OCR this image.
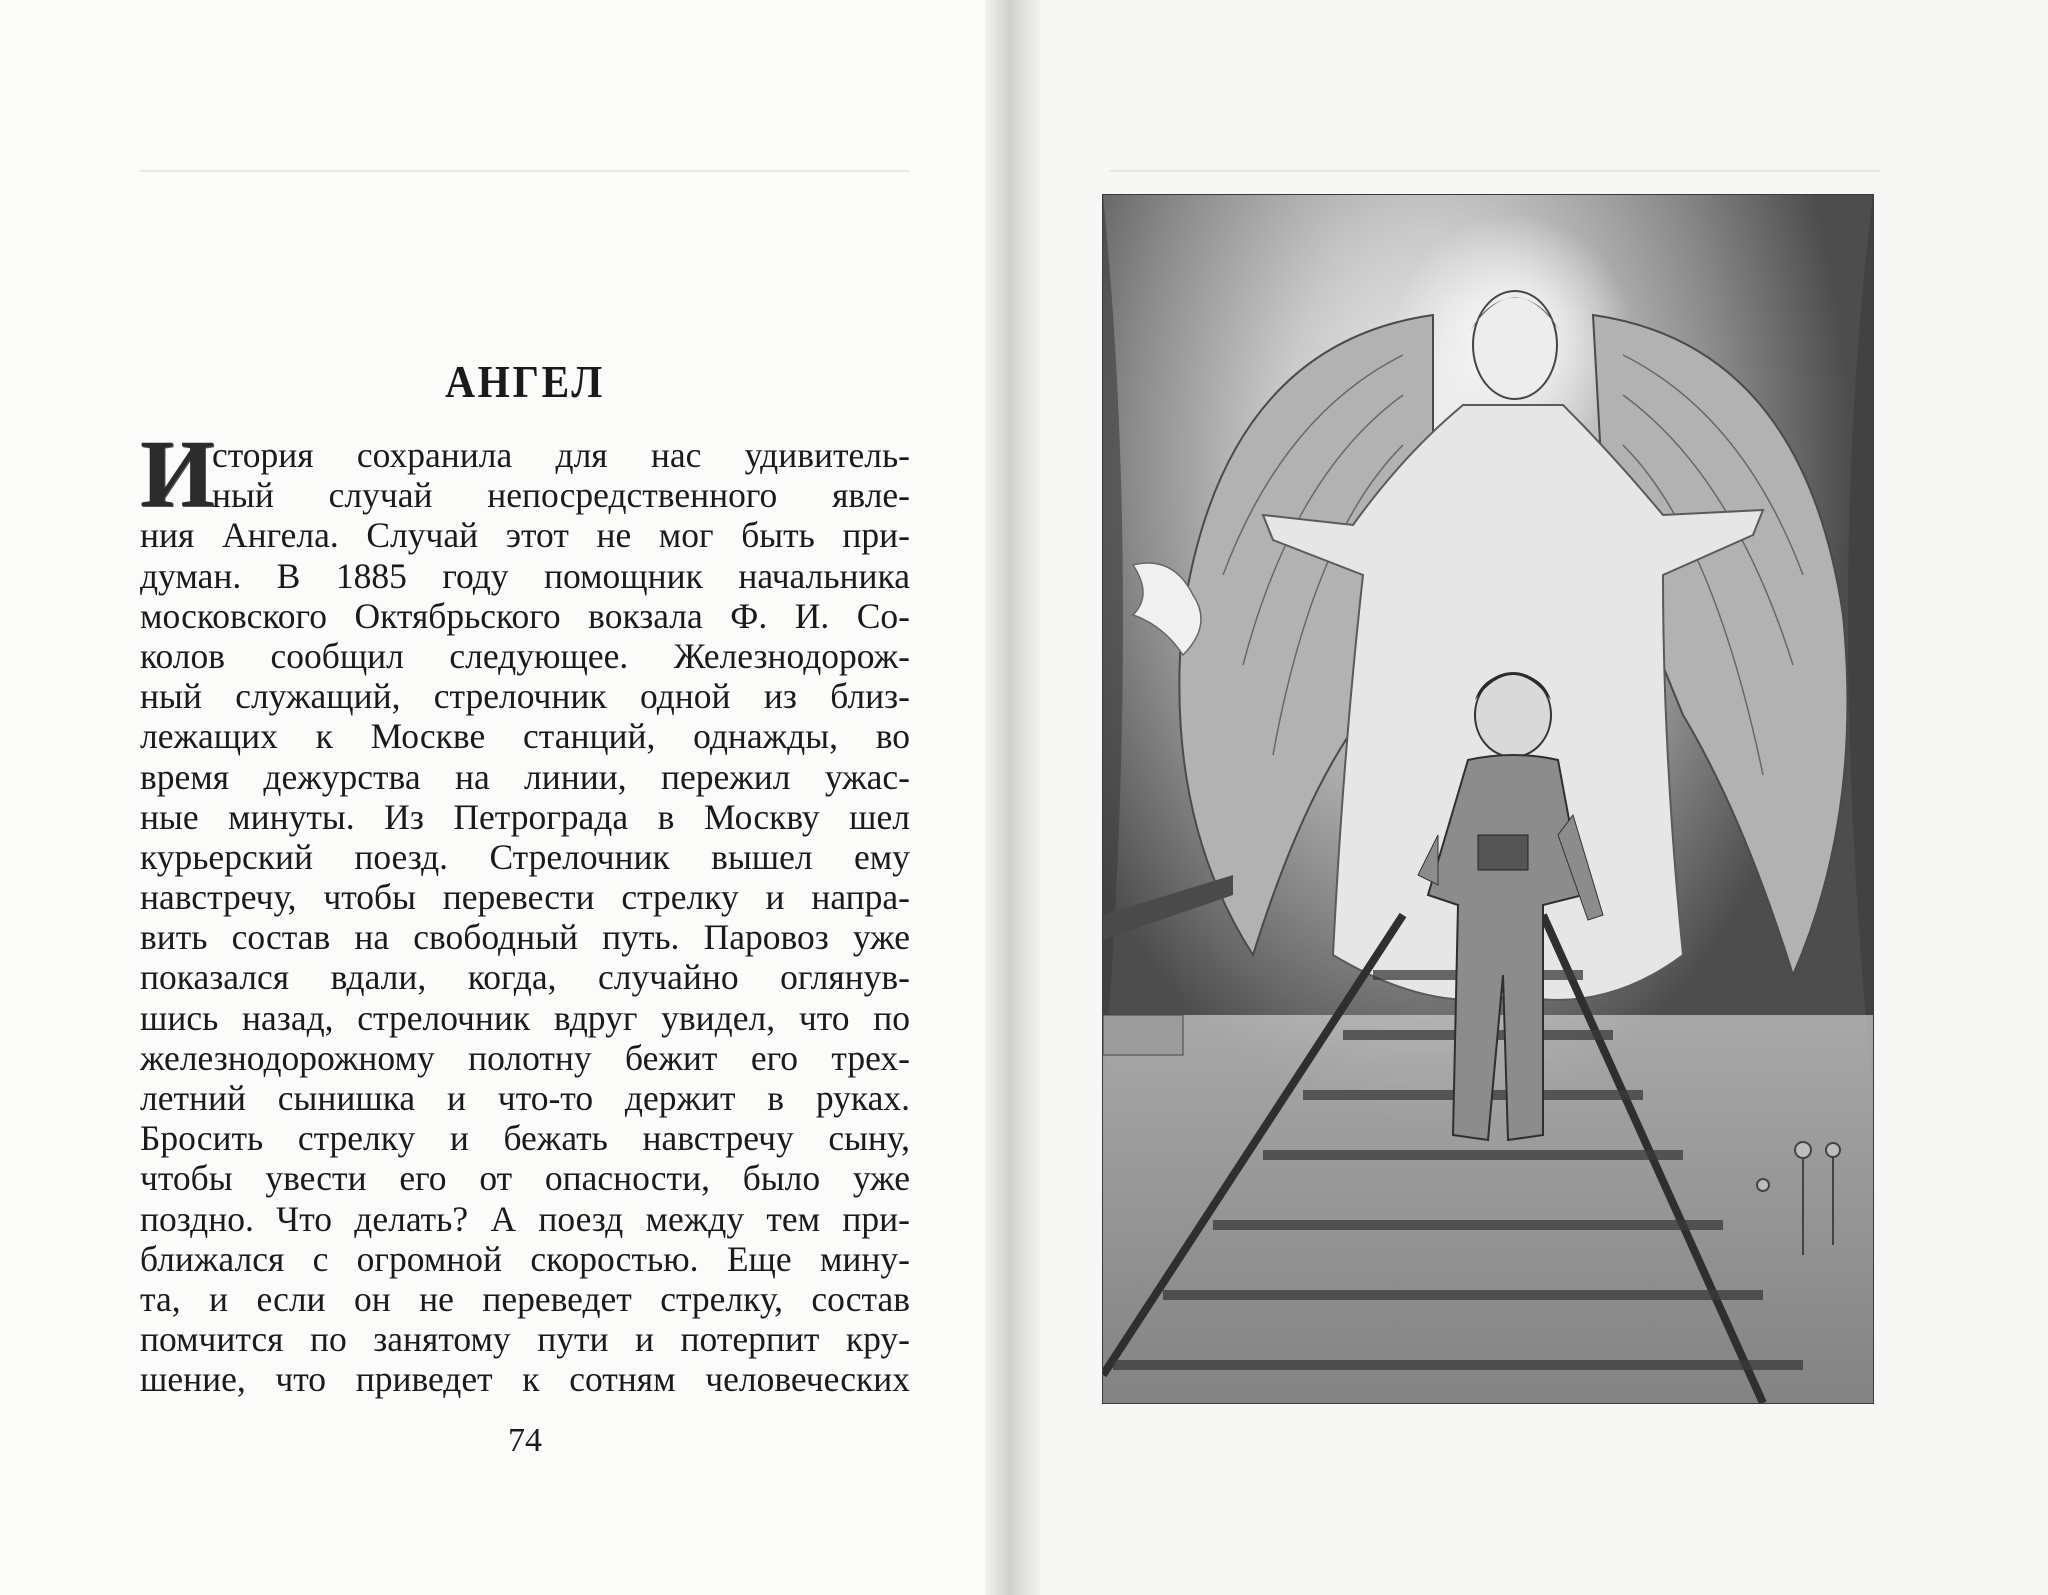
АНГЕЛ
И
стория сохранила для нас удивитель-
ный случай непосредственного явле-
ния Ангела. Случай этот не мог быть при-
думан. В 1885 году помощник начальника
московского Октябрьского вокзала Ф. И. Со-
колов сообщил следующее. Железнодорож-
ный служащий, стрелочник одной из близ-
лежащих к Москве станций, однажды, во
время дежурства на линии, пережил ужас-
ные минуты. Из Петрограда в Москву шел
курьерский поезд. Стрелочник вышел ему
навстречу, чтобы перевести стрелку и напра-
вить состав на свободный путь. Паровоз уже
показался вдали, когда, случайно оглянув-
шись назад, стрелочник вдруг увидел, что по
железнодорожному полотну бежит его трех-
летний сынишка и что-то держит в руках.
Бросить стрелку и бежать навстречу сыну,
чтобы увести его от опасности, было уже
поздно. Что делать? А поезд между тем при-
ближался с огромной скоростью. Еще мину-
та, и если он не переведет стрелку, состав
помчится по занятому пути и потерпит кру-
шение, что приведет к сотням человеческих
74
